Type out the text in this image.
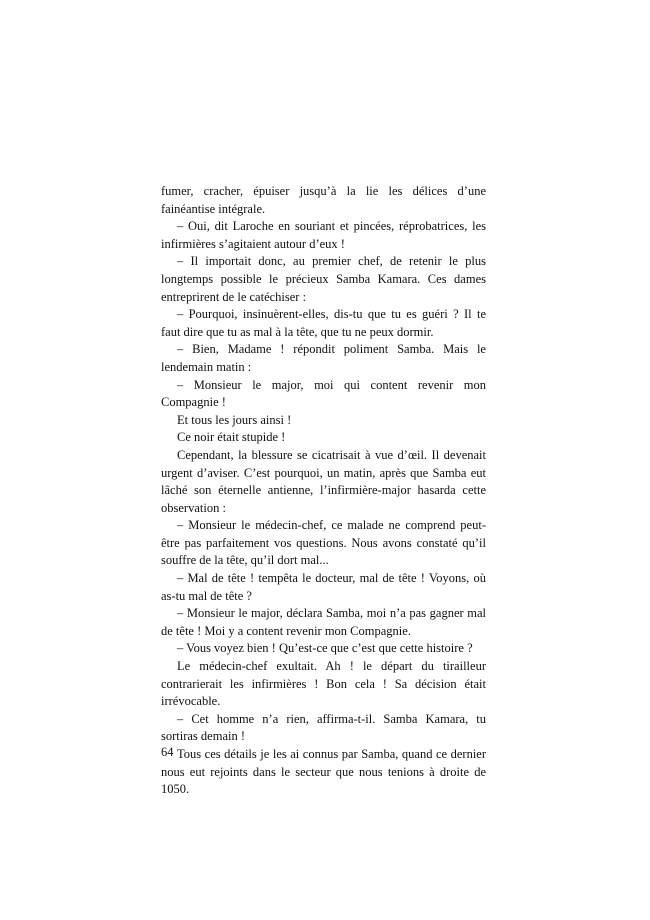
fumer, cracher, épuiser jusqu’à la lie les délices d’une fainéantise intégrale.

– Oui, dit Laroche en souriant et pincées, réprobatrices, les infirmières s’agitaient autour d’eux !

– Il importait donc, au premier chef, de retenir le plus longtemps possible le précieux Samba Kamara. Ces dames entreprirent de le catéchiser :

– Pourquoi, insinuèrent-elles, dis-tu que tu es guéri ? Il te faut dire que tu as mal à la tête, que tu ne peux dormir.

– Bien, Madame ! répondit poliment Samba. Mais le lendemain matin :

– Monsieur le major, moi qui content revenir mon Compagnie !

Et tous les jours ainsi !

Ce noir était stupide !

Cependant, la blessure se cicatrisait à vue d’œil. Il devenait urgent d’aviser. C’est pourquoi, un matin, après que Samba eut lâché son éternelle antienne, l’infirmière-major hasarda cette observation :

– Monsieur le médecin-chef, ce malade ne comprend peut-être pas parfaitement vos questions. Nous avons constaté qu’il souffre de la tête, qu’il dort mal...

– Mal de tête ! tempêta le docteur, mal de tête ! Voyons, où as-tu mal de tête ?

– Monsieur le major, déclara Samba, moi n’a pas gagner mal de tête ! Moi y a content revenir mon Compagnie.

– Vous voyez bien ! Qu’est-ce que c’est que cette histoire ?

Le médecin-chef exultait. Ah ! le départ du tirailleur contrarierait les infirmières ! Bon cela ! Sa décision était irrévocable.

– Cet homme n’a rien, affirma-t-il. Samba Kamara, tu sortiras demain !

Tous ces détails je les ai connus par Samba, quand ce dernier nous eut rejoints dans le secteur que nous tenions à droite de 1050.

64
